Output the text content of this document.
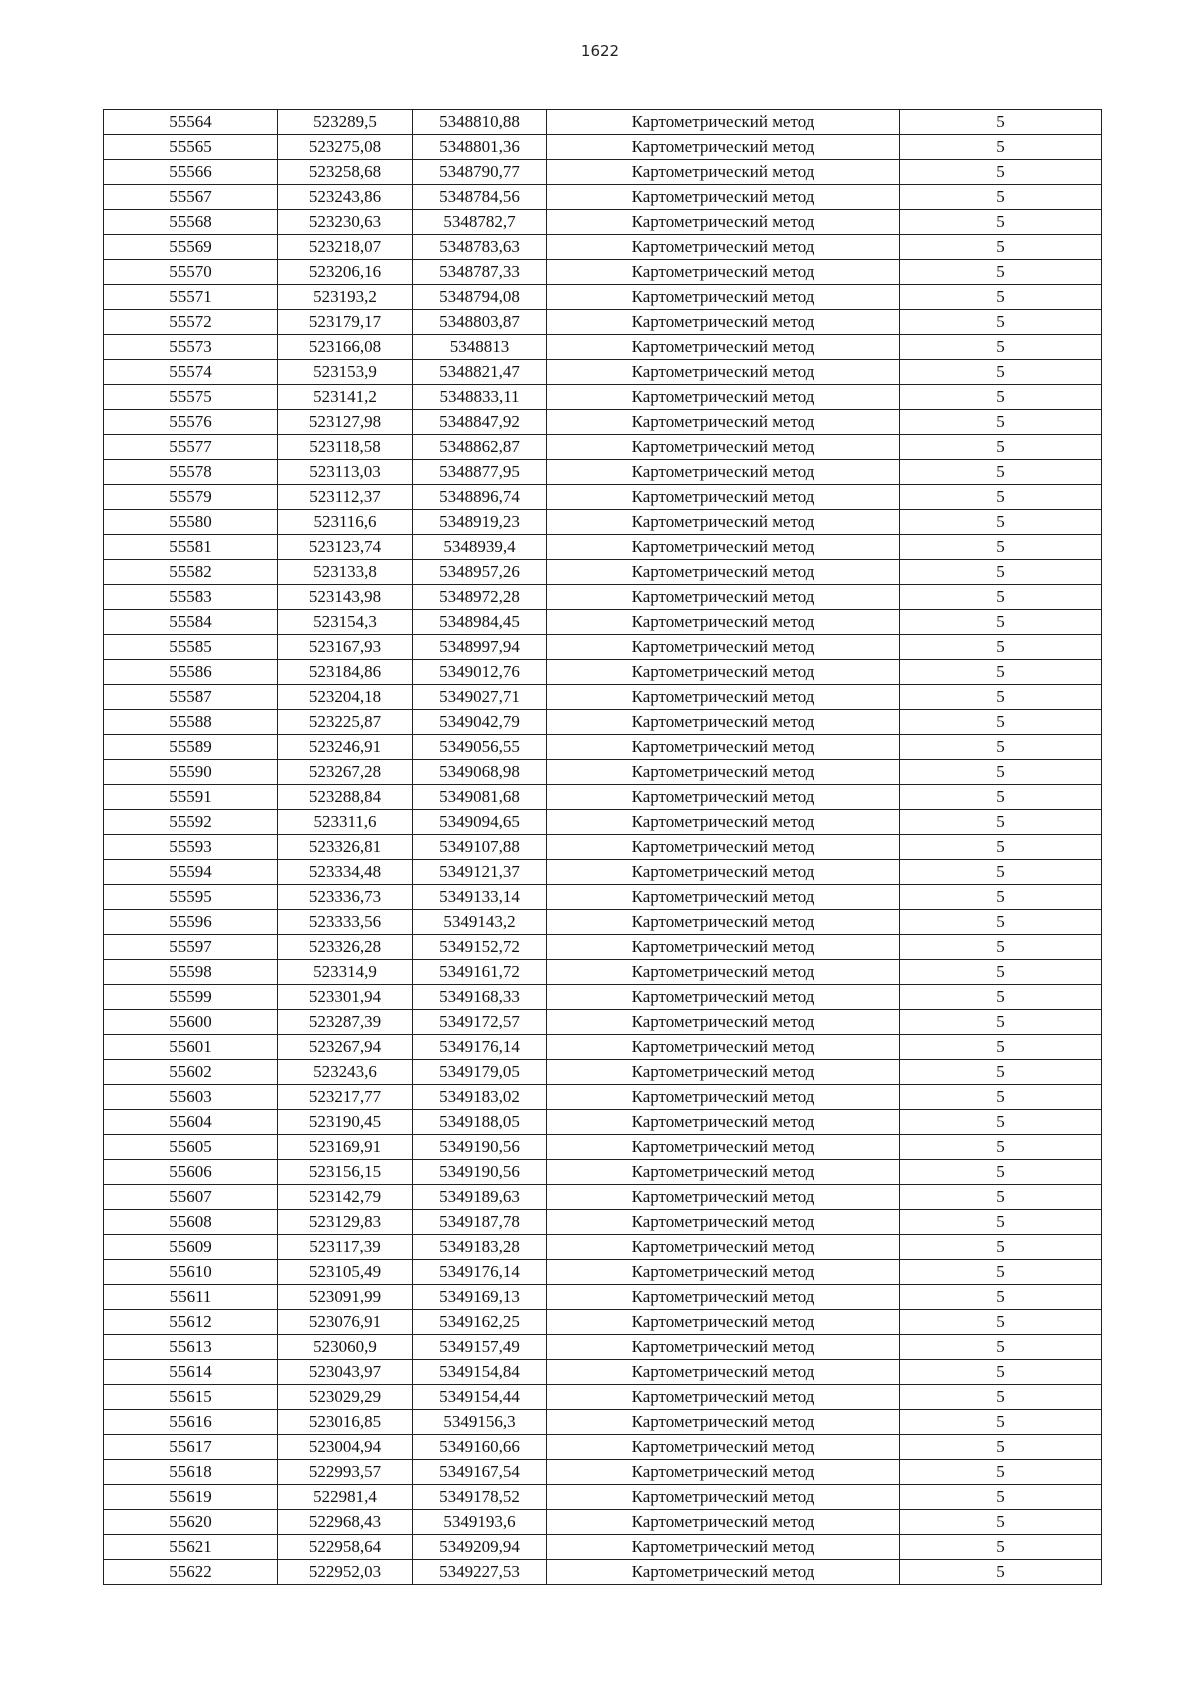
1622
55564	523289,5	5348810,88	Картометрический метод	5
55565	523275,08	5348801,36	Картометрический метод	5
55566	523258,68	5348790,77	Картометрический метод	5
55567	523243,86	5348784,56	Картометрический метод	5
55568	523230,63	5348782,7	Картометрический метод	5
55569	523218,07	5348783,63	Картометрический метод	5
55570	523206,16	5348787,33	Картометрический метод	5
55571	523193,2	5348794,08	Картометрический метод	5
55572	523179,17	5348803,87	Картометрический метод	5
55573	523166,08	5348813	Картометрический метод	5
55574	523153,9	5348821,47	Картометрический метод	5
55575	523141,2	5348833,11	Картометрический метод	5
55576	523127,98	5348847,92	Картометрический метод	5
55577	523118,58	5348862,87	Картометрический метод	5
55578	523113,03	5348877,95	Картометрический метод	5
55579	523112,37	5348896,74	Картометрический метод	5
55580	523116,6	5348919,23	Картометрический метод	5
55581	523123,74	5348939,4	Картометрический метод	5
55582	523133,8	5348957,26	Картометрический метод	5
55583	523143,98	5348972,28	Картометрический метод	5
55584	523154,3	5348984,45	Картометрический метод	5
55585	523167,93	5348997,94	Картометрический метод	5
55586	523184,86	5349012,76	Картометрический метод	5
55587	523204,18	5349027,71	Картометрический метод	5
55588	523225,87	5349042,79	Картометрический метод	5
55589	523246,91	5349056,55	Картометрический метод	5
55590	523267,28	5349068,98	Картометрический метод	5
55591	523288,84	5349081,68	Картометрический метод	5
55592	523311,6	5349094,65	Картометрический метод	5
55593	523326,81	5349107,88	Картометрический метод	5
55594	523334,48	5349121,37	Картометрический метод	5
55595	523336,73	5349133,14	Картометрический метод	5
55596	523333,56	5349143,2	Картометрический метод	5
55597	523326,28	5349152,72	Картометрический метод	5
55598	523314,9	5349161,72	Картометрический метод	5
55599	523301,94	5349168,33	Картометрический метод	5
55600	523287,39	5349172,57	Картометрический метод	5
55601	523267,94	5349176,14	Картометрический метод	5
55602	523243,6	5349179,05	Картометрический метод	5
55603	523217,77	5349183,02	Картометрический метод	5
55604	523190,45	5349188,05	Картометрический метод	5
55605	523169,91	5349190,56	Картометрический метод	5
55606	523156,15	5349190,56	Картометрический метод	5
55607	523142,79	5349189,63	Картометрический метод	5
55608	523129,83	5349187,78	Картометрический метод	5
55609	523117,39	5349183,28	Картометрический метод	5
55610	523105,49	5349176,14	Картометрический метод	5
55611	523091,99	5349169,13	Картометрический метод	5
55612	523076,91	5349162,25	Картометрический метод	5
55613	523060,9	5349157,49	Картометрический метод	5
55614	523043,97	5349154,84	Картометрический метод	5
55615	523029,29	5349154,44	Картометрический метод	5
55616	523016,85	5349156,3	Картометрический метод	5
55617	523004,94	5349160,66	Картометрический метод	5
55618	522993,57	5349167,54	Картометрический метод	5
55619	522981,4	5349178,52	Картометрический метод	5
55620	522968,43	5349193,6	Картометрический метод	5
55621	522958,64	5349209,94	Картометрический метод	5
55622	522952,03	5349227,53	Картометрический метод	5
